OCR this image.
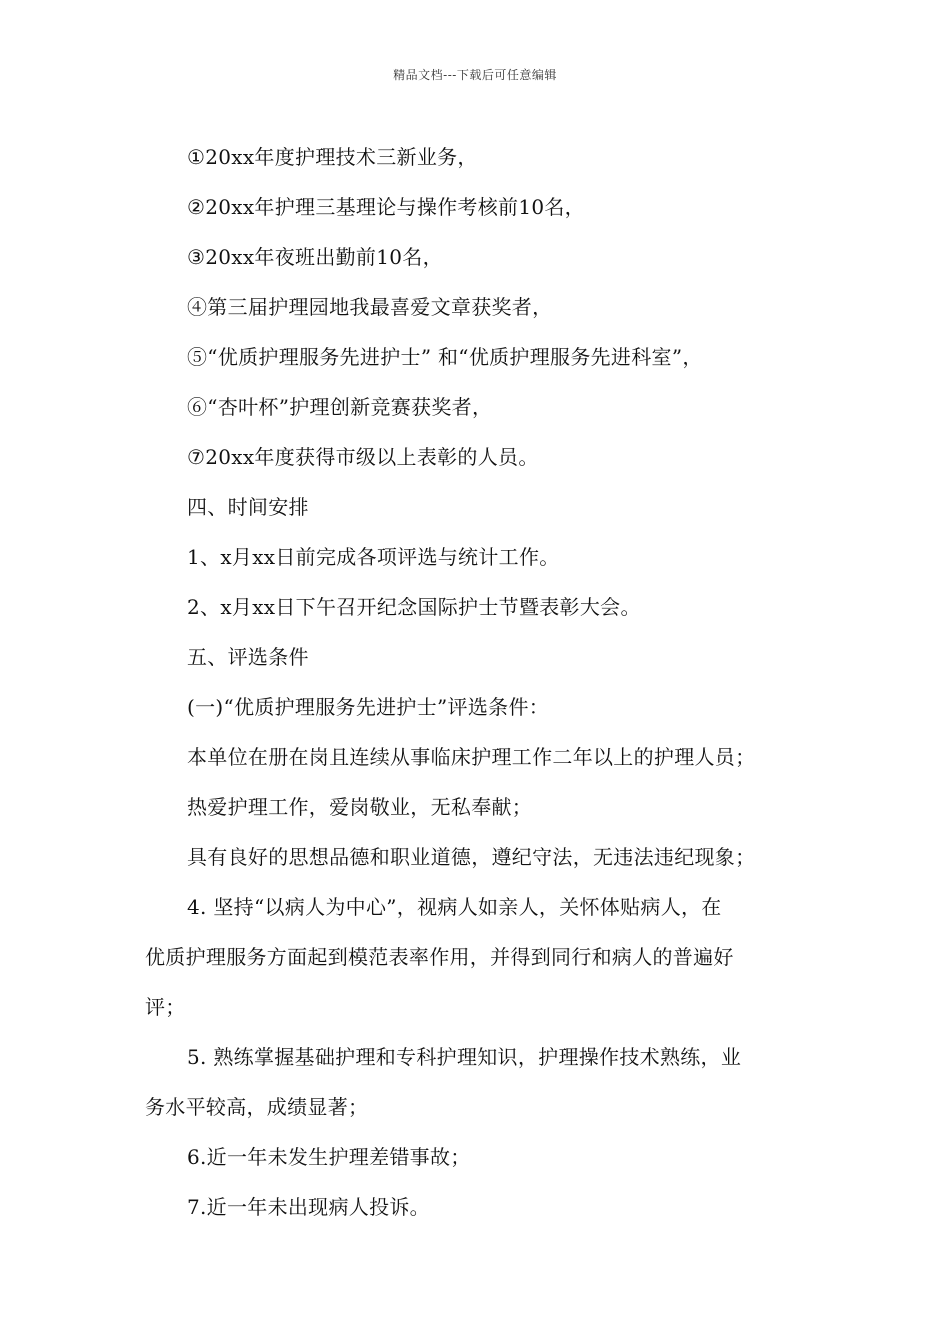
精品文档---下载后可任意编辑
①20xx年度护理技术三新业务，
②20xx年护理三基理论与操作考核前10名，
③20xx年夜班出勤前10名，
④第三届护理园地我最喜爱文章获奖者，
⑤“优质护理服务先进护士” 和“优质护理服务先进科室”，
⑥“杏叶杯”护理创新竞赛获奖者，
⑦20xx年度获得市级以上表彰的人员。
四、时间安排
1、x月xx日前完成各项评选与统计工作。
2、x月xx日下午召开纪念国际护士节暨表彰大会。
五、评选条件
(一)“优质护理服务先进护士”评选条件：
本单位在册在岗且连续从事临床护理工作二年以上的护理人员；
热爱护理工作，爱岗敬业，无私奉献；
具有良好的思想品德和职业道德，遵纪守法，无违法违纪现象；
4. 坚持“以病人为中心”，视病人如亲人，关怀体贴病人，在
优质护理服务方面起到模范表率作用，并得到同行和病人的普遍好
评；
5. 熟练掌握基础护理和专科护理知识，护理操作技术熟练，业
务水平较高，成绩显著；
6.近一年未发生护理差错事故；
7.近一年未出现病人投诉。
